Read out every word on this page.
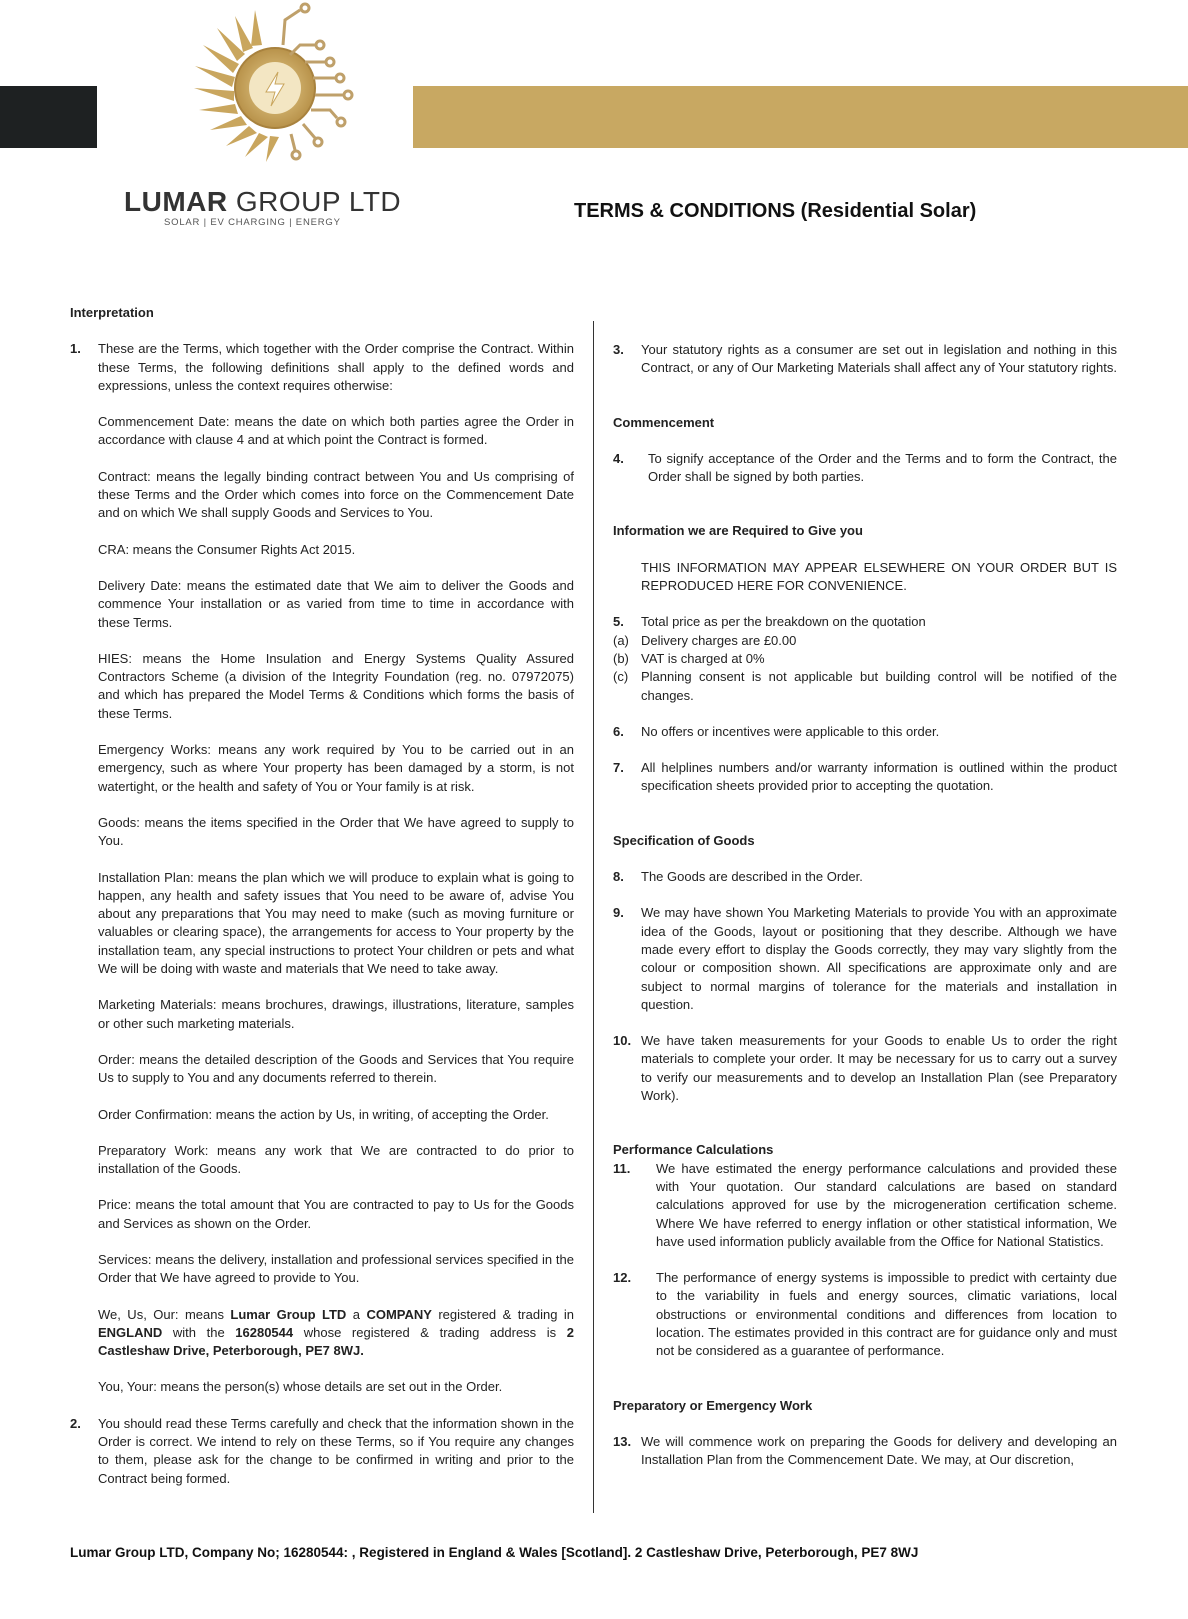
LUMAR GROUP LTD
SOLAR | EV CHARGING | ENERGY
TERMS & CONDITIONS (Residential Solar)

Interpretation

1.	These are the Terms, which together with the Order comprise the Contract. Within these Terms, the following definitions shall apply to the defined words and expressions, unless the context requires otherwise:

Commencement Date: means the date on which both parties agree the Order in accordance with clause 4 and at which point the Contract is formed.

Contract: means the legally binding contract between You and Us comprising of these Terms and the Order which comes into force on the Commencement Date and on which We shall supply Goods and Services to You.

CRA: means the Consumer Rights Act 2015.

Delivery Date: means the estimated date that We aim to deliver the Goods and commence Your installation or as varied from time to time in accordance with these Terms.

HIES: means the Home Insulation and Energy Systems Quality Assured Contractors Scheme (a division of the Integrity Foundation (reg. no. 07972075) and which has prepared the Model Terms & Conditions which forms the basis of these Terms.

Emergency Works: means any work required by You to be carried out in an emergency, such as where Your property has been damaged by a storm, is not watertight, or the health and safety of You or Your family is at risk.

Goods: means the items specified in the Order that We have agreed to supply to You.

Installation Plan: means the plan which we will produce to explain what is going to happen, any health and safety issues that You need to be aware of, advise You about any preparations that You may need to make (such as moving furniture or valuables or clearing space), the arrangements for access to Your property by the installation team, any special instructions to protect Your children or pets and what We will be doing with waste and materials that We need to take away.

Marketing Materials: means brochures, drawings, illustrations, literature, samples or other such marketing materials.

Order: means the detailed description of the Goods and Services that You require Us to supply to You and any documents referred to therein.

Order Confirmation: means the action by Us, in writing, of accepting the Order.

Preparatory Work: means any work that We are contracted to do prior to installation of the Goods.

Price: means the total amount that You are contracted to pay to Us for the Goods and Services as shown on the Order.

Services: means the delivery, installation and professional services specified in the Order that We have agreed to provide to You.

We, Us, Our: means Lumar Group LTD a COMPANY registered & trading in ENGLAND with the 16280544 whose registered & trading address is 2 Castleshaw Drive, Peterborough, PE7 8WJ.

You, Your: means the person(s) whose details are set out in the Order.

2.	You should read these Terms carefully and check that the information shown in the Order is correct. We intend to rely on these Terms, so if You require any changes to them, please ask for the change to be confirmed in writing and prior to the Contract being formed.
3.	Your statutory rights as a consumer are set out in legislation and nothing in this Contract, or any of Our Marketing Materials shall affect any of Your statutory rights.

Commencement

4.	To signify acceptance of the Order and the Terms and to form the Contract, the Order shall be signed by both parties.

Information we are Required to Give you

THIS INFORMATION MAY APPEAR ELSEWHERE ON YOUR ORDER BUT IS REPRODUCED HERE FOR CONVENIENCE.

5.	Total price as per the breakdown on the quotation
(a) Delivery charges are £0.00
(b) VAT is charged at 0%
(c) Planning consent is not applicable but building control will be notified of the changes.
6.	No offers or incentives were applicable to this order.
7.	All helplines numbers and/or warranty information is outlined within the product specification sheets provided prior to accepting the quotation.

Specification of Goods

8.	The Goods are described in the Order.
9.	We may have shown You Marketing Materials to provide You with an approximate idea of the Goods, layout or positioning that they describe. Although we have made every effort to display the Goods correctly, they may vary slightly from the colour or composition shown. All specifications are approximate only and are subject to normal margins of tolerance for the materials and installation in question.
10. We have taken measurements for your Goods to enable Us to order the right materials to complete your order. It may be necessary for us to carry out a survey to verify our measurements and to develop an Installation Plan (see Preparatory Work).

Performance Calculations

11.	We have estimated the energy performance calculations and provided these with Your quotation. Our standard calculations are based on standard calculations approved for use by the microgeneration certification scheme. Where We have referred to energy inflation or other statistical information, We have used information publicly available from the Office for National Statistics.
12.	The performance of energy systems is impossible to predict with certainty due to the variability in fuels and energy sources, climatic variations, local obstructions or environmental conditions and differences from location to location. The estimates provided in this contract are for guidance only and must not be considered as a guarantee of performance.

Preparatory or Emergency Work

13. We will commence work on preparing the Goods for delivery and developing an Installation Plan from the Commencement Date. We may, at Our discretion,
Lumar Group LTD, Company No; 16280544: , Registered in England & Wales [Scotland]. 2 Castleshaw Drive, Peterborough, PE7 8WJ
